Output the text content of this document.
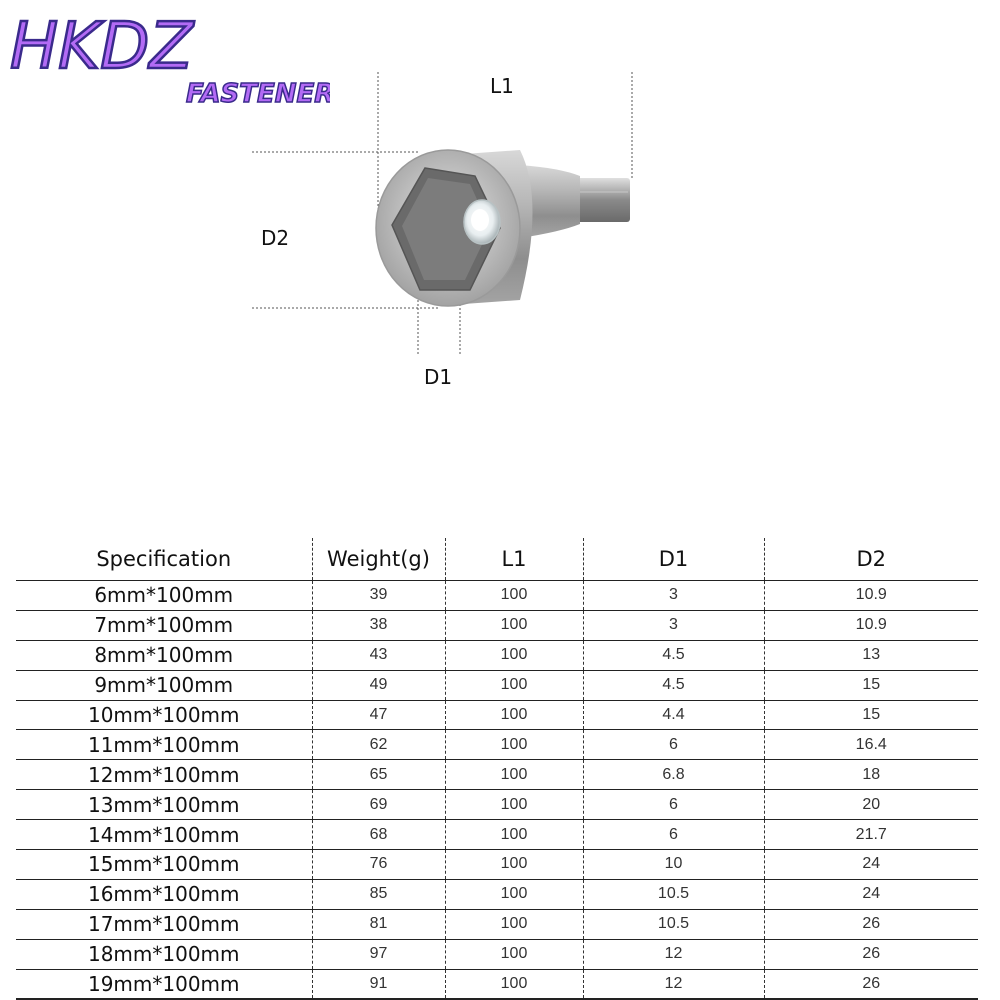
HKDZ
FASTENER	L1
D2
D1
Specification	Weight(g)	L1	D1	D2
6mm*100mm	39	100	3	10.9
7mm*100mm	38	100	3	10.9
8mm*100mm	43	100	4.5	13
9mm*100mm	49	100	4.5	15
10mm*100mm	47	100	4.4	15
11mm*100mm	62	100	6	16.4
12mm*100mm	65	100	6.8	18
13mm*100mm	69	100	6	20
14mm*100mm	68	100	6	21.7
15mm*100mm	76	100	10	24
16mm*100mm	85	100	10.5	24
17mm*100mm	81	100	10.5	26
18mm*100mm	97	100	12	26
19mm*100mm	91	100	12	26
